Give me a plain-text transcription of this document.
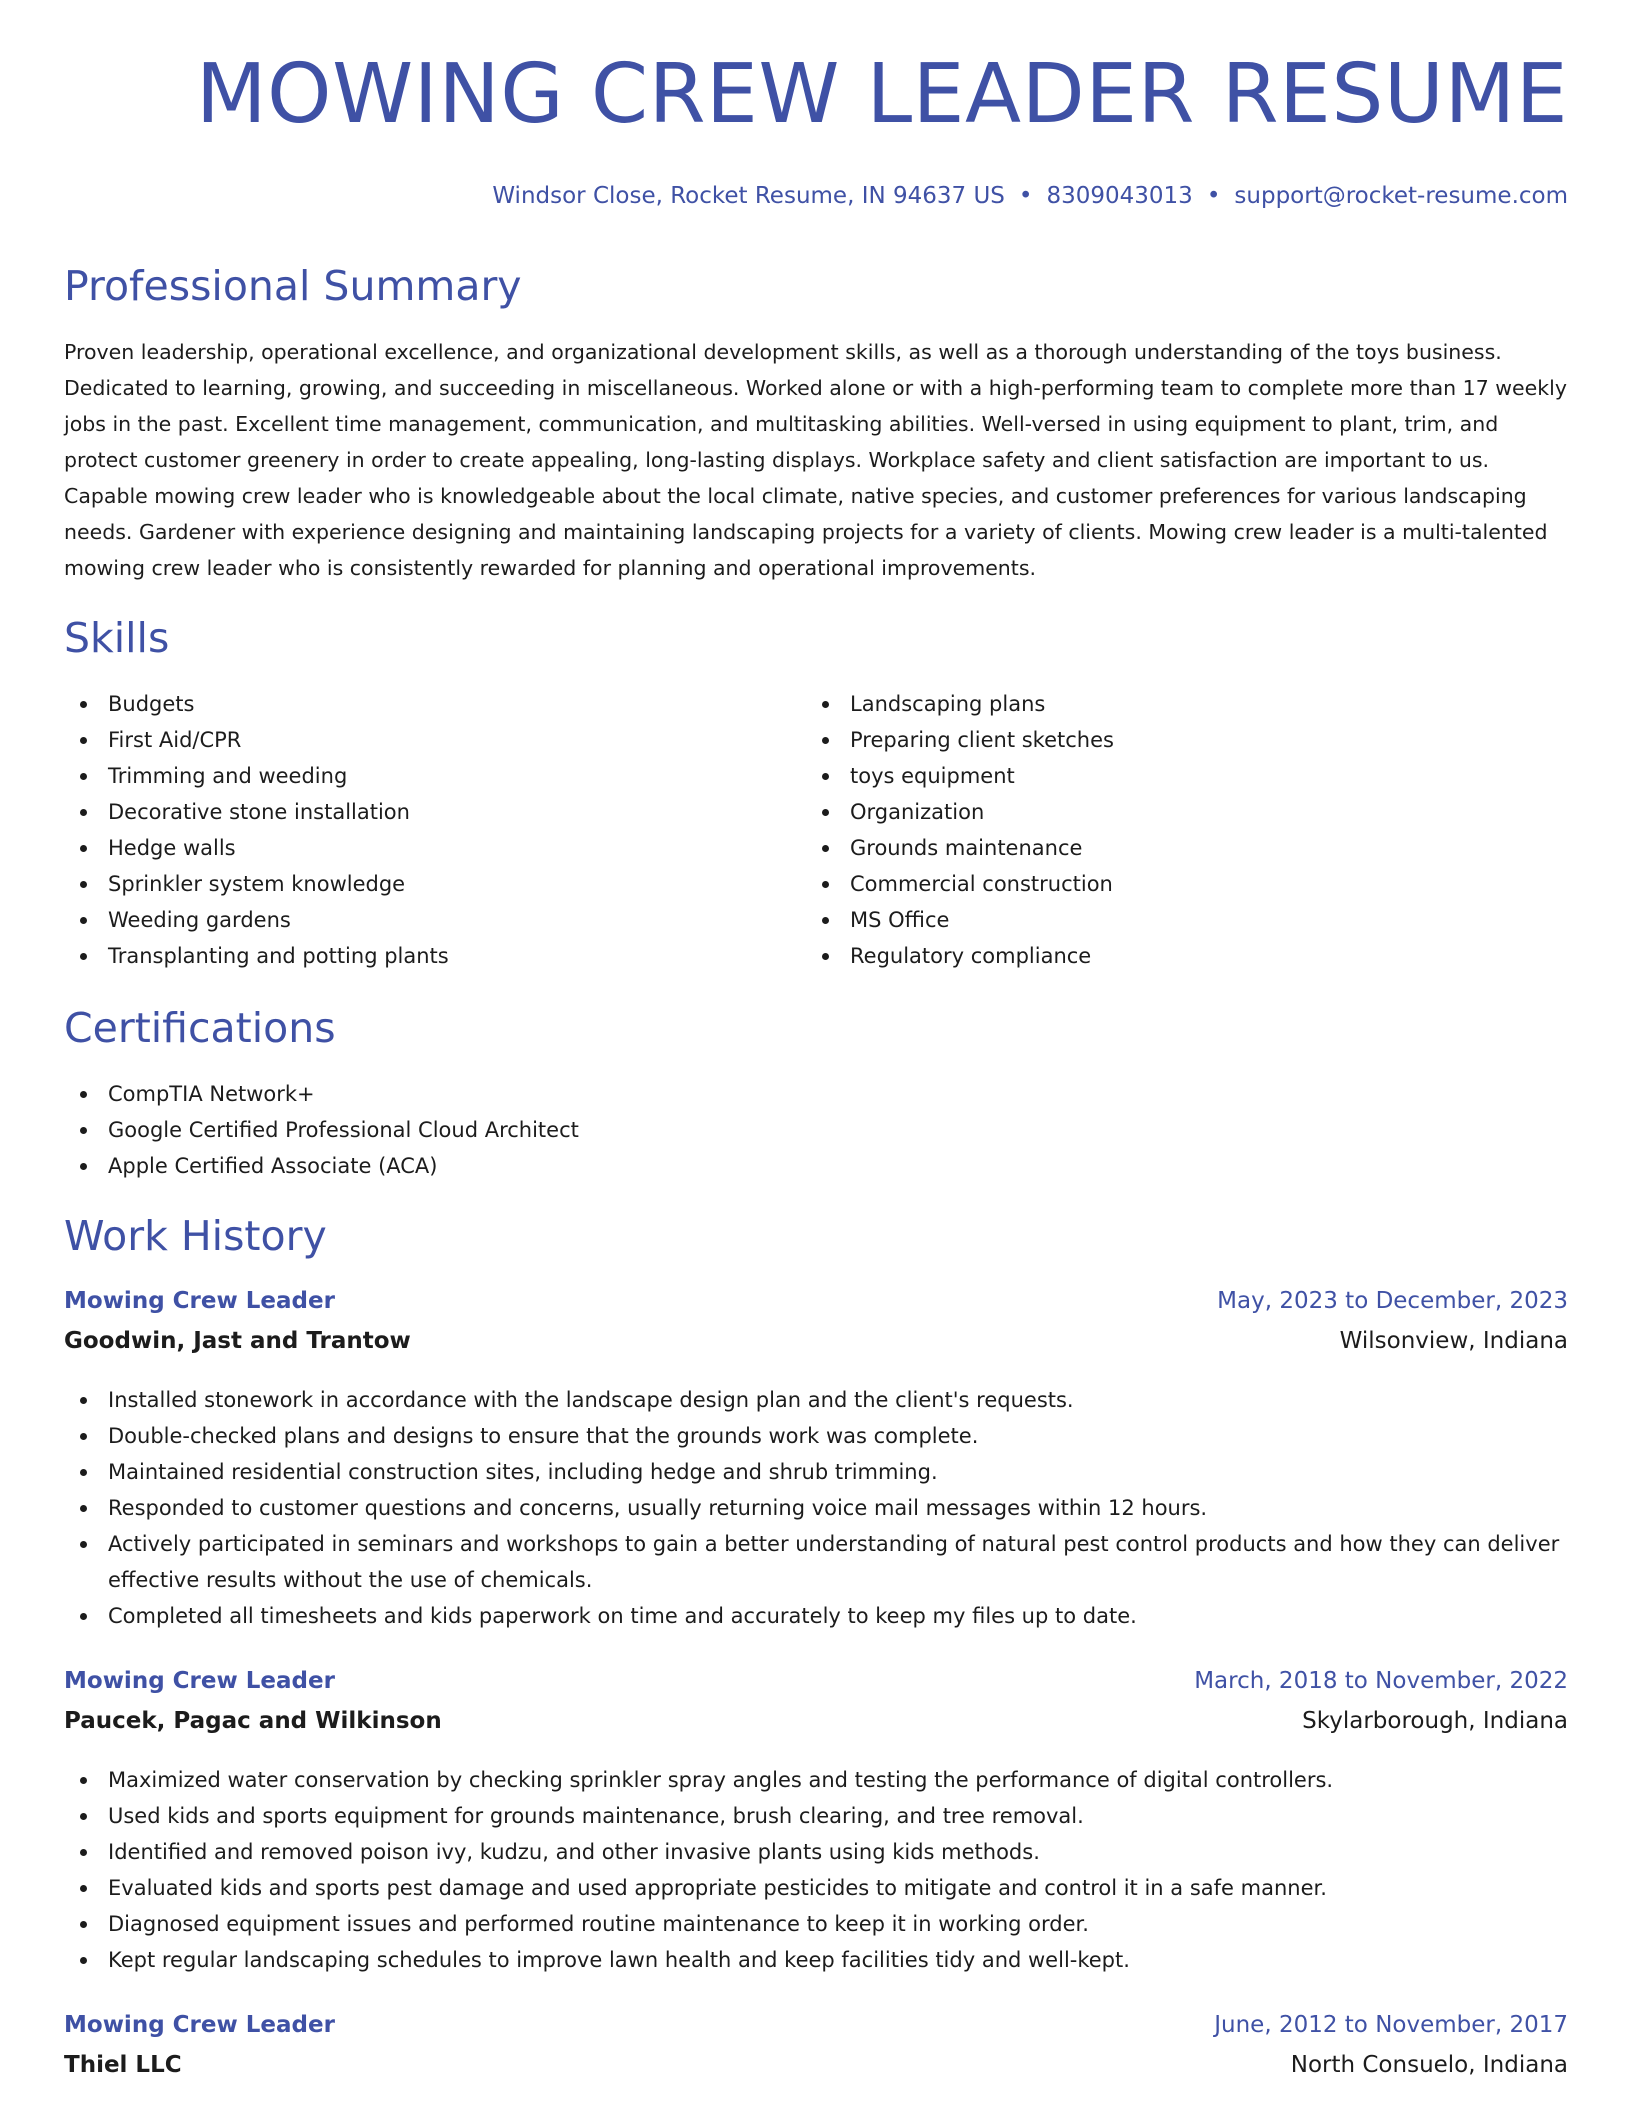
MOWING CREW LEADER RESUME
Windsor Close, Rocket Resume, IN 94637 US • 8309043013 • support@rocket-resume.com
Professional Summary

Proven leadership, operational excellence, and organizational development skills, as well as a thorough understanding of the toys business. Dedicated to learning, growing, and succeeding in miscellaneous. Worked alone or with a high-performing team to complete more than 17 weekly jobs in the past. Excellent time management, communication, and multitasking abilities. Well-versed in using equipment to plant, trim, and protect customer greenery in order to create appealing, long-lasting displays. Workplace safety and client satisfaction are important to us. Capable mowing crew leader who is knowledgeable about the local climate, native species, and customer preferences for various landscaping needs. Gardener with experience designing and maintaining landscaping projects for a variety of clients. Mowing crew leader is a multi-talented mowing crew leader who is consistently rewarded for planning and operational improvements.

Skills
Budgets
First Aid/CPR
Trimming and weeding
Decorative stone installation
Hedge walls
Sprinkler system knowledge
Weeding gardens
Transplanting and potting plants
Landscaping plans
Preparing client sketches
toys equipment
Organization
Grounds maintenance
Commercial construction
MS Office
Regulatory compliance
Certifications
CompTIA Network+
Google Certified Professional Cloud Architect
Apple Certified Associate (ACA)
Work History
Mowing Crew Leader	May, 2023 to December, 2023
Goodwin, Jast and Trantow	Wilsonview, Indiana
Installed stonework in accordance with the landscape design plan and the client's requests.
Double-checked plans and designs to ensure that the grounds work was complete.
Maintained residential construction sites, including hedge and shrub trimming.
Responded to customer questions and concerns, usually returning voice mail messages within 12 hours.
Actively participated in seminars and workshops to gain a better understanding of natural pest control products and how they can deliver effective results without the use of chemicals.
Completed all timesheets and kids paperwork on time and accurately to keep my files up to date.
Mowing Crew Leader	March, 2018 to November, 2022
Paucek, Pagac and Wilkinson	Skylarborough, Indiana
Maximized water conservation by checking sprinkler spray angles and testing the performance of digital controllers.
Used kids and sports equipment for grounds maintenance, brush clearing, and tree removal.
Identified and removed poison ivy, kudzu, and other invasive plants using kids methods.
Evaluated kids and sports pest damage and used appropriate pesticides to mitigate and control it in a safe manner.
Diagnosed equipment issues and performed routine maintenance to keep it in working order.
Kept regular landscaping schedules to improve lawn health and keep facilities tidy and well-kept.
Mowing Crew Leader	June, 2012 to November, 2017
Thiel LLC	North Consuelo, Indiana
